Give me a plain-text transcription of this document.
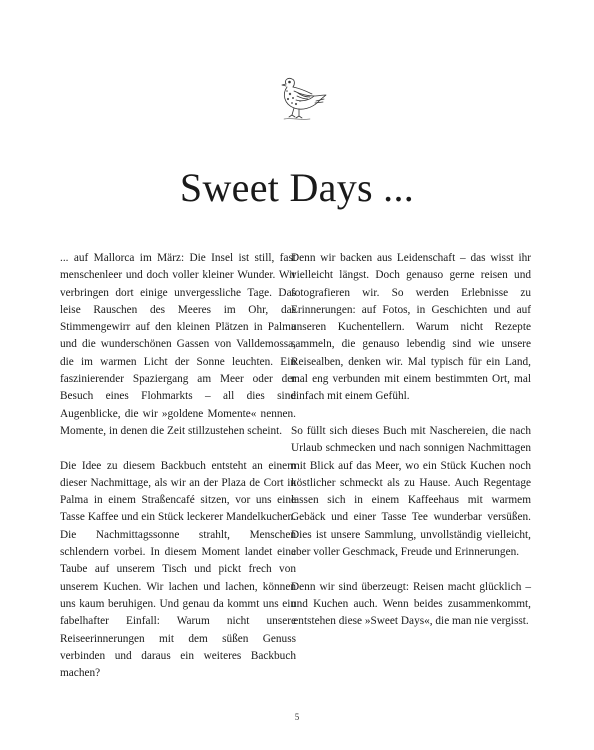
Sweet Days ...

... auf Mallorca im März: Die Insel ist still, fast menschenleer und doch voller kleiner Wunder. Wir verbringen dort einige unvergessliche Tage. Das leise Rauschen des Meeres im Ohr, das Stimmengewirr auf den kleinen Plätzen in Palma und die wunderschönen Gassen von Valldemossa, die im warmen Licht der Sonne leuchten. Ein faszinierender Spaziergang am Meer oder der Besuch eines Flohmarkts – all dies sind Augenblicke, die wir »goldene Momente« nennen. Momente, in denen die Zeit stillzustehen scheint.

Die Idee zu diesem Backbuch entsteht an einem dieser Nachmittage, als wir an der Plaza de Cort in Palma in einem Straßencafé sitzen, vor uns eine Tasse Kaffee und ein Stück leckerer Mandelkuchen. Die Nachmittagssonne strahlt, Menschen schlendern vorbei. In diesem Moment landet eine Taube auf unserem Tisch und pickt frech von unserem Kuchen. Wir lachen und lachen, können uns kaum beruhigen. Und genau da kommt uns ein fabelhafter Einfall: Warum nicht unsere Reiseerinnerungen mit dem süßen Genuss verbinden und daraus ein weiteres Backbuch machen?

Denn wir backen aus Leidenschaft – das wisst ihr vielleicht längst. Doch genauso gerne reisen und fotografieren wir. So werden Erlebnisse zu Erinnerungen: auf Fotos, in Geschichten und auf unseren Kuchentellern. Warum nicht Rezepte sammeln, die genauso lebendig sind wie unsere Reisealben, denken wir. Mal typisch für ein Land, mal eng verbunden mit einem bestimmten Ort, mal einfach mit einem Gefühl.

So füllt sich dieses Buch mit Naschereien, die nach Urlaub schmecken und nach sonnigen Nachmittagen mit Blick auf das Meer, wo ein Stück Kuchen noch köstlicher schmeckt als zu Hause. Auch Regentage lassen sich in einem Kaffeehaus mit warmem Gebäck und einer Tasse Tee wunderbar versüßen. Dies ist unsere Sammlung, unvollständig vielleicht, aber voller Geschmack, Freude und Erinnerungen.

Denn wir sind überzeugt: Reisen macht glücklich – und Kuchen auch. Wenn beides zusammenkommt, entstehen diese »Sweet Days«, die man nie vergisst.

5
